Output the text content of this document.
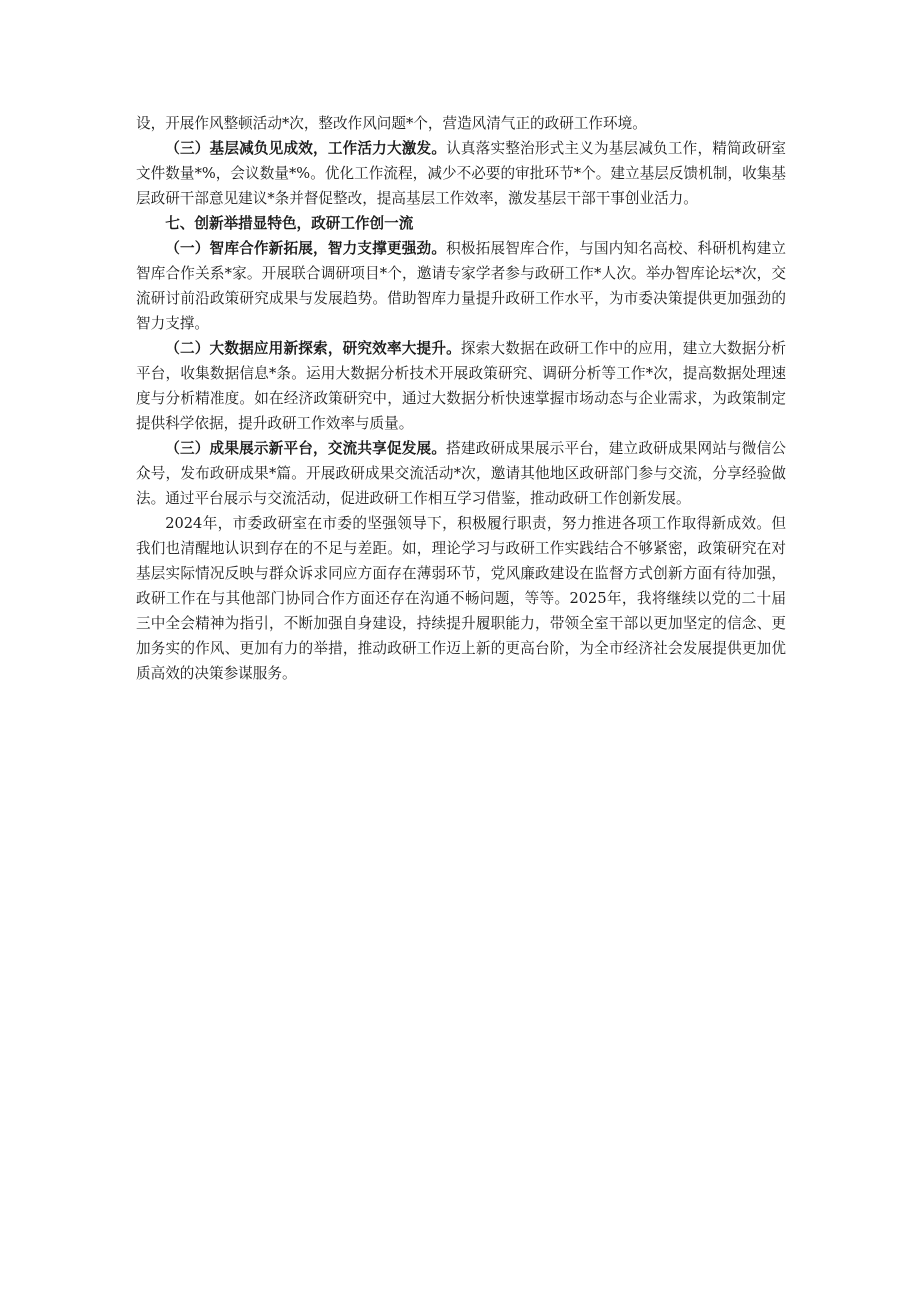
设，开展作风整顿活动*次，整改作风问题*个，营造风清气正的政研工作环境。

（三）基层减负见成效，工作活力大激发。认真落实整治形式主义为基层减负工作，精简政研室文件数量*%，会议数量*%。优化工作流程，减少不必要的审批环节*个。建立基层反馈机制，收集基层政研干部意见建议*条并督促整改，提高基层工作效率，激发基层干部干事创业活力。

七、创新举措显特色，政研工作创一流

（一）智库合作新拓展，智力支撑更强劲。积极拓展智库合作，与国内知名高校、科研机构建立智库合作关系*家。开展联合调研项目*个，邀请专家学者参与政研工作*人次。举办智库论坛*次，交流研讨前沿政策研究成果与发展趋势。借助智库力量提升政研工作水平，为市委决策提供更加强劲的智力支撑。

（二）大数据应用新探索，研究效率大提升。探索大数据在政研工作中的应用，建立大数据分析平台，收集数据信息*条。运用大数据分析技术开展政策研究、调研分析等工作*次，提高数据处理速度与分析精准度。如在经济政策研究中，通过大数据分析快速掌握市场动态与企业需求，为政策制定提供科学依据，提升政研工作效率与质量。

（三）成果展示新平台，交流共享促发展。搭建政研成果展示平台，建立政研成果网站与微信公众号，发布政研成果*篇。开展政研成果交流活动*次，邀请其他地区政研部门参与交流，分享经验做法。通过平台展示与交流活动，促进政研工作相互学习借鉴，推动政研工作创新发展。

2024年，市委政研室在市委的坚强领导下，积极履行职责，努力推进各项工作取得新成效。但我们也清醒地认识到存在的不足与差距。如，理论学习与政研工作实践结合不够紧密，政策研究在对基层实际情况反映与群众诉求同应方面存在薄弱环节，党风廉政建设在监督方式创新方面有待加强，政研工作在与其他部门协同合作方面还存在沟通不畅问题，等等。2025年，我将继续以党的二十届三中全会精神为指引，不断加强自身建设，持续提升履职能力，带领全室干部以更加坚定的信念、更加务实的作风、更加有力的举措，推动政研工作迈上新的更高台阶，为全市经济社会发展提供更加优质高效的决策参谋服务。
